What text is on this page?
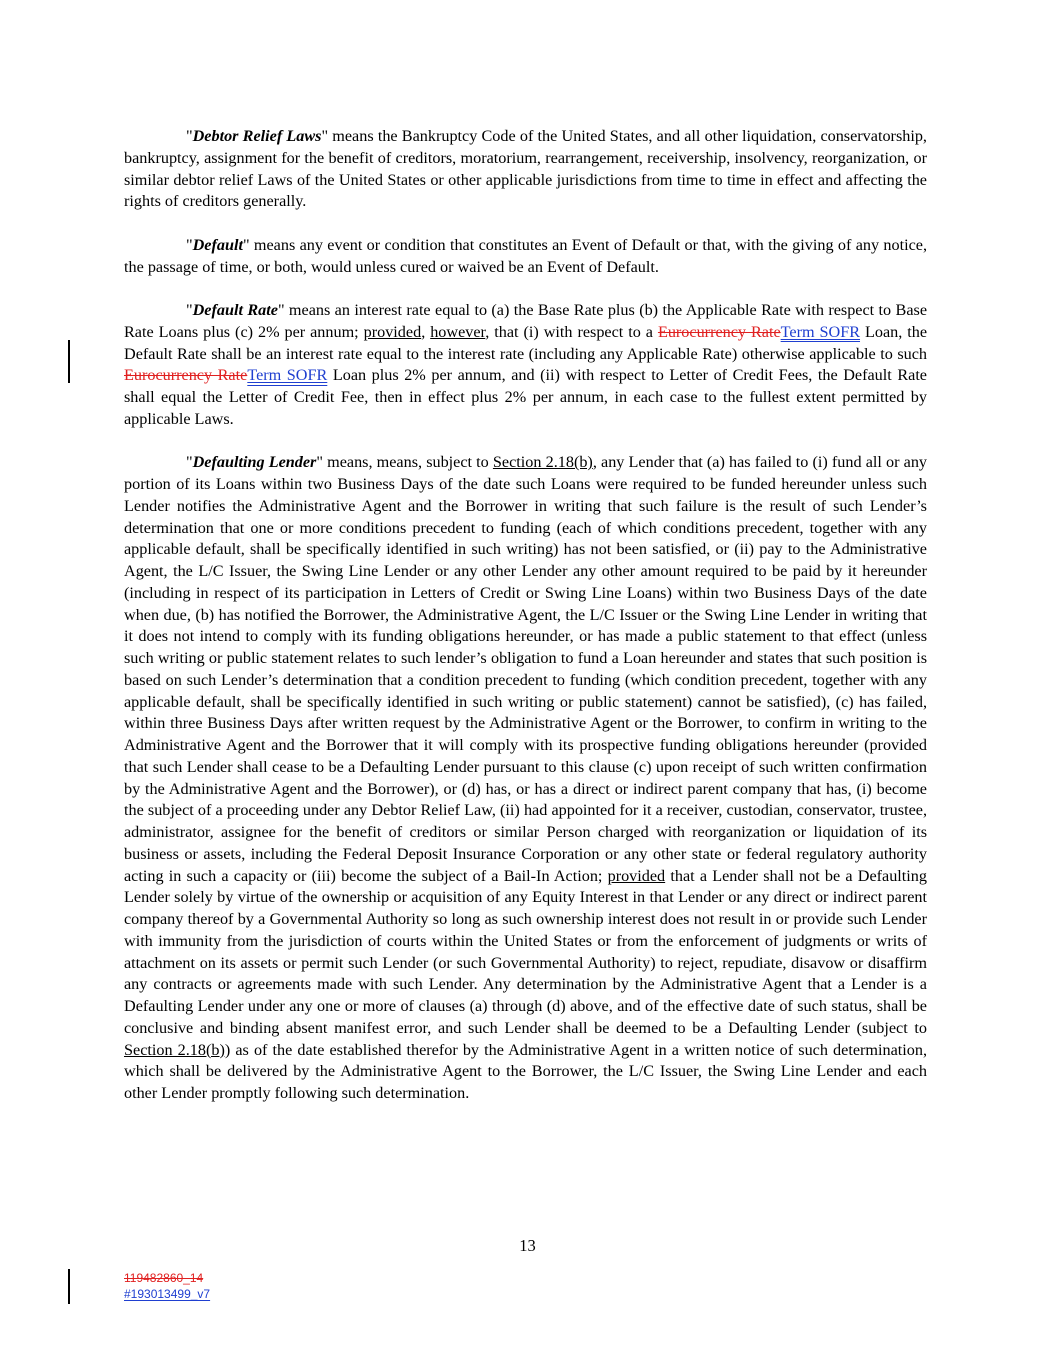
"Debtor Relief Laws" means the Bankruptcy Code of the United States, and all other liquidation, conservatorship, bankruptcy, assignment for the benefit of creditors, moratorium, rearrangement, receivership, insolvency, reorganization, or similar debtor relief Laws of the United States or other applicable jurisdictions from time to time in effect and affecting the rights of creditors generally.

"Default" means any event or condition that constitutes an Event of Default or that, with the giving of any notice, the passage of time, or both, would unless cured or waived be an Event of Default.

"Default Rate" means an interest rate equal to (a) the Base Rate plus (b) the Applicable Rate with respect to Base Rate Loans plus (c) 2% per annum; provided, however, that (i) with respect to a Eurocurrency RateTerm SOFR Loan, the Default Rate shall be an interest rate equal to the interest rate (including any Applicable Rate) otherwise applicable to such Eurocurrency RateTerm SOFR Loan plus 2% per annum, and (ii) with respect to Letter of Credit Fees, the Default Rate shall equal the Letter of Credit Fee, then in effect plus 2% per annum, in each case to the fullest extent permitted by applicable Laws.

"Defaulting Lender" means, means, subject to Section 2.18(b), any Lender that (a) has failed to (i) fund all or any portion of its Loans within two Business Days of the date such Loans were required to be funded hereunder unless such Lender notifies the Administrative Agent and the Borrower in writing that such failure is the result of such Lender’s determination that one or more conditions precedent to funding (each of which conditions precedent, together with any applicable default, shall be specifically identified in such writing) has not been satisfied, or (ii) pay to the Administrative Agent, the L/C Issuer, the Swing Line Lender or any other Lender any other amount required to be paid by it hereunder (including in respect of its participation in Letters of Credit or Swing Line Loans) within two Business Days of the date when due, (b) has notified the Borrower, the Administrative Agent, the L/C Issuer or the Swing Line Lender in writing that it does not intend to comply with its funding obligations hereunder, or has made a public statement to that effect (unless such writing or public statement relates to such lender’s obligation to fund a Loan hereunder and states that such position is based on such Lender’s determination that a condition precedent to funding (which condition precedent, together with any applicable default, shall be specifically identified in such writing or public statement) cannot be satisfied), (c) has failed, within three Business Days after written request by the Administrative Agent or the Borrower, to confirm in writing to the Administrative Agent and the Borrower that it will comply with its prospective funding obligations hereunder (provided that such Lender shall cease to be a Defaulting Lender pursuant to this clause (c) upon receipt of such written confirmation by the Administrative Agent and the Borrower), or (d) has, or has a direct or indirect parent company that has, (i) become the subject of a proceeding under any Debtor Relief Law, (ii) had appointed for it a receiver, custodian, conservator, trustee, administrator, assignee for the benefit of creditors or similar Person charged with reorganization or liquidation of its business or assets, including the Federal Deposit Insurance Corporation or any other state or federal regulatory authority acting in such a capacity or (iii) become the subject of a Bail-In Action; provided that a Lender shall not be a Defaulting Lender solely by virtue of the ownership or acquisition of any Equity Interest in that Lender or any direct or indirect parent company thereof by a Governmental Authority so long as such ownership interest does not result in or provide such Lender with immunity from the jurisdiction of courts within the United States or from the enforcement of judgments or writs of attachment on its assets or permit such Lender (or such Governmental Authority) to reject, repudiate, disavow or disaffirm any contracts or agreements made with such Lender. Any determination by the Administrative Agent that a Lender is a Defaulting Lender under any one or more of clauses (a) through (d) above, and of the effective date of such status, shall be conclusive and binding absent manifest error, and such Lender shall be deemed to be a Defaulting Lender (subject to Section 2.18(b)) as of the date established therefor by the Administrative Agent in a written notice of such determination, which shall be delivered by the Administrative Agent to the Borrower, the L/C Issuer, the Swing Line Lender and each other Lender promptly following such determination.

13
119482860_14
#193013499_v7
